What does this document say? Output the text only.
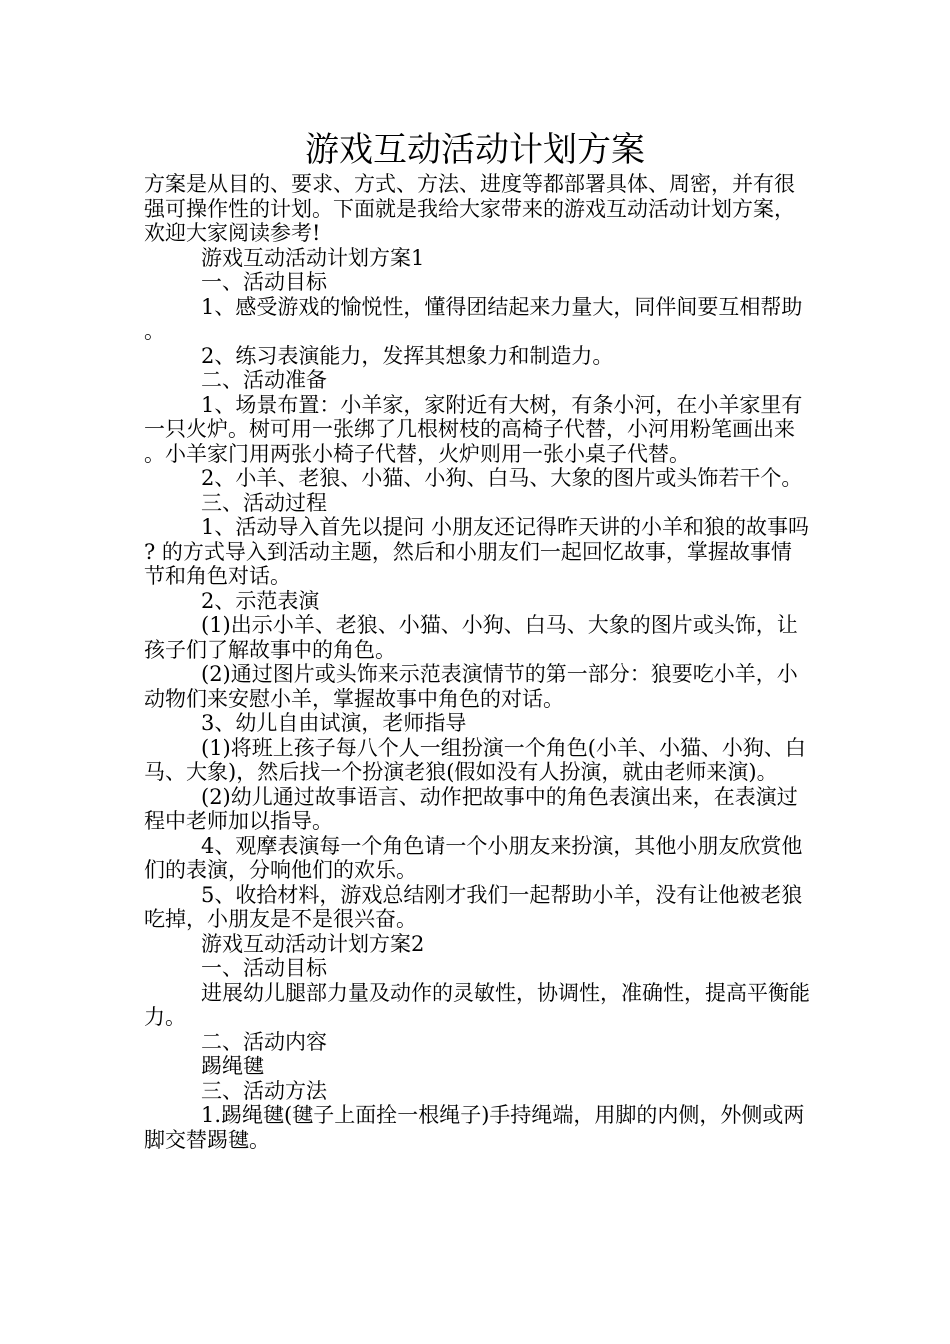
游戏互动活动计划方案

方案是从目的、要求、方式、方法、进度等都部署具体、周密，并有很强可操作性的计划。下面就是我给大家带来的游戏互动活动计划方案，欢迎大家阅读参考!

游戏互动活动计划方案1

一、活动目标

1、感受游戏的愉悦性，懂得团结起来力量大，同伴间要互相帮助。

2、练习表演能力，发挥其想象力和制造力。

二、活动准备

1、场景布置：小羊家，家附近有大树，有条小河，在小羊家里有一只火炉。树可用一张绑了几根树枝的高椅子代替，小河用粉笔画出来。小羊家门用两张小椅子代替，火炉则用一张小桌子代替。

2、小羊、老狼、小猫、小狗、白马、大象的图片或头饰若干个。

三、活动过程

1、活动导入首先以提问 小朋友还记得昨天讲的小羊和狼的故事吗? 的方式导入到活动主题，然后和小朋友们一起回忆故事，掌握故事情节和角色对话。

2、示范表演

(1)出示小羊、老狼、小猫、小狗、白马、大象的图片或头饰，让孩子们了解故事中的角色。

(2)通过图片或头饰来示范表演情节的第一部分：狼要吃小羊，小动物们来安慰小羊，掌握故事中角色的对话。

3、幼儿自由试演，老师指导

(1)将班上孩子每八个人一组扮演一个角色(小羊、小猫、小狗、白马、大象)，然后找一个扮演老狼(假如没有人扮演，就由老师来演)。

(2)幼儿通过故事语言、动作把故事中的角色表演出来，在表演过程中老师加以指导。

4、观摩表演每一个角色请一个小朋友来扮演，其他小朋友欣赏他们的表演，分响他们的欢乐。

5、收拾材料，游戏总结刚才我们一起帮助小羊，没有让他被老狼吃掉，小朋友是不是很兴奋。

游戏互动活动计划方案2

一、活动目标

进展幼儿腿部力量及动作的灵敏性，协调性，准确性，提高平衡能力。

二、活动内容

踢绳毽

三、活动方法

1.踢绳毽(毽子上面拴一根绳子)手持绳端，用脚的内侧，外侧或两脚交替踢毽。
